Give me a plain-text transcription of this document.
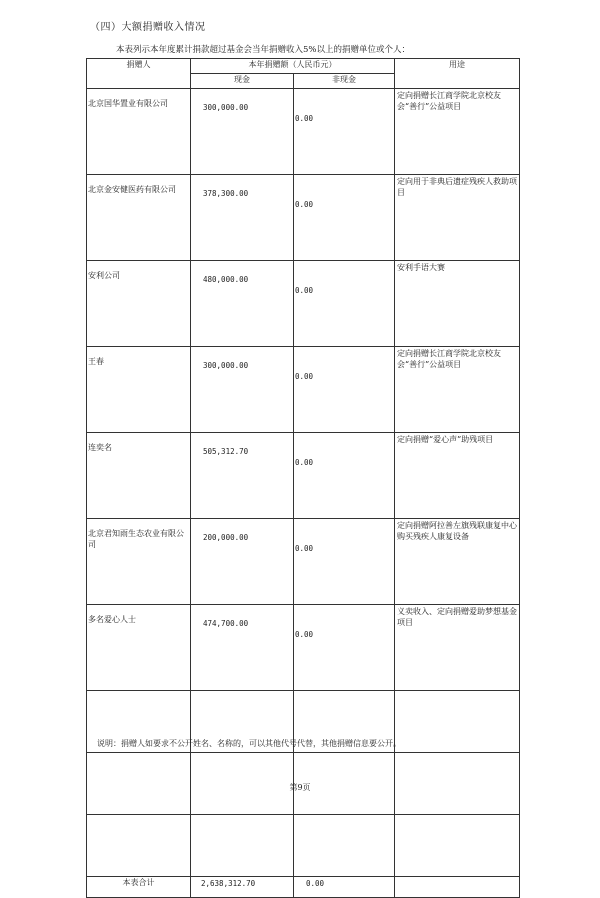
（四）大额捐赠收入情况
本表列示本年度累计捐款超过基金会当年捐赠收入5%以上的捐赠单位或个人：
捐赠人	本年捐赠额（人民币元）		用途
	现金	非现金	
北京国华置业有限公司	300,000.00	0.00	定向捐赠长江商学院北京校友会“善行”公益项目
北京金安健医药有限公司	378,300.00	0.00	定向用于非典后遗症残疾人救助项目
安利公司	480,000.00	0.00	安利手语大赛
王春	300,000.00	0.00	定向捐赠长江商学院北京校友会“善行”公益项目
连奕名	505,312.70	0.00	定向捐赠“爱心声”助残项目
北京君知雨生态农业有限公司	200,000.00	0.00	定向捐赠阿拉善左旗残联康复中心购买残疾人康复设备
多名爱心人士	474,700.00	0.00	义卖收入、定向捐赠爱助梦想基金项目

本表合计	2,638,312.70	0.00	
说明：捐赠人如要求不公开姓名、名称的，可以其他代号代替，其他捐赠信息要公开。
第9页
